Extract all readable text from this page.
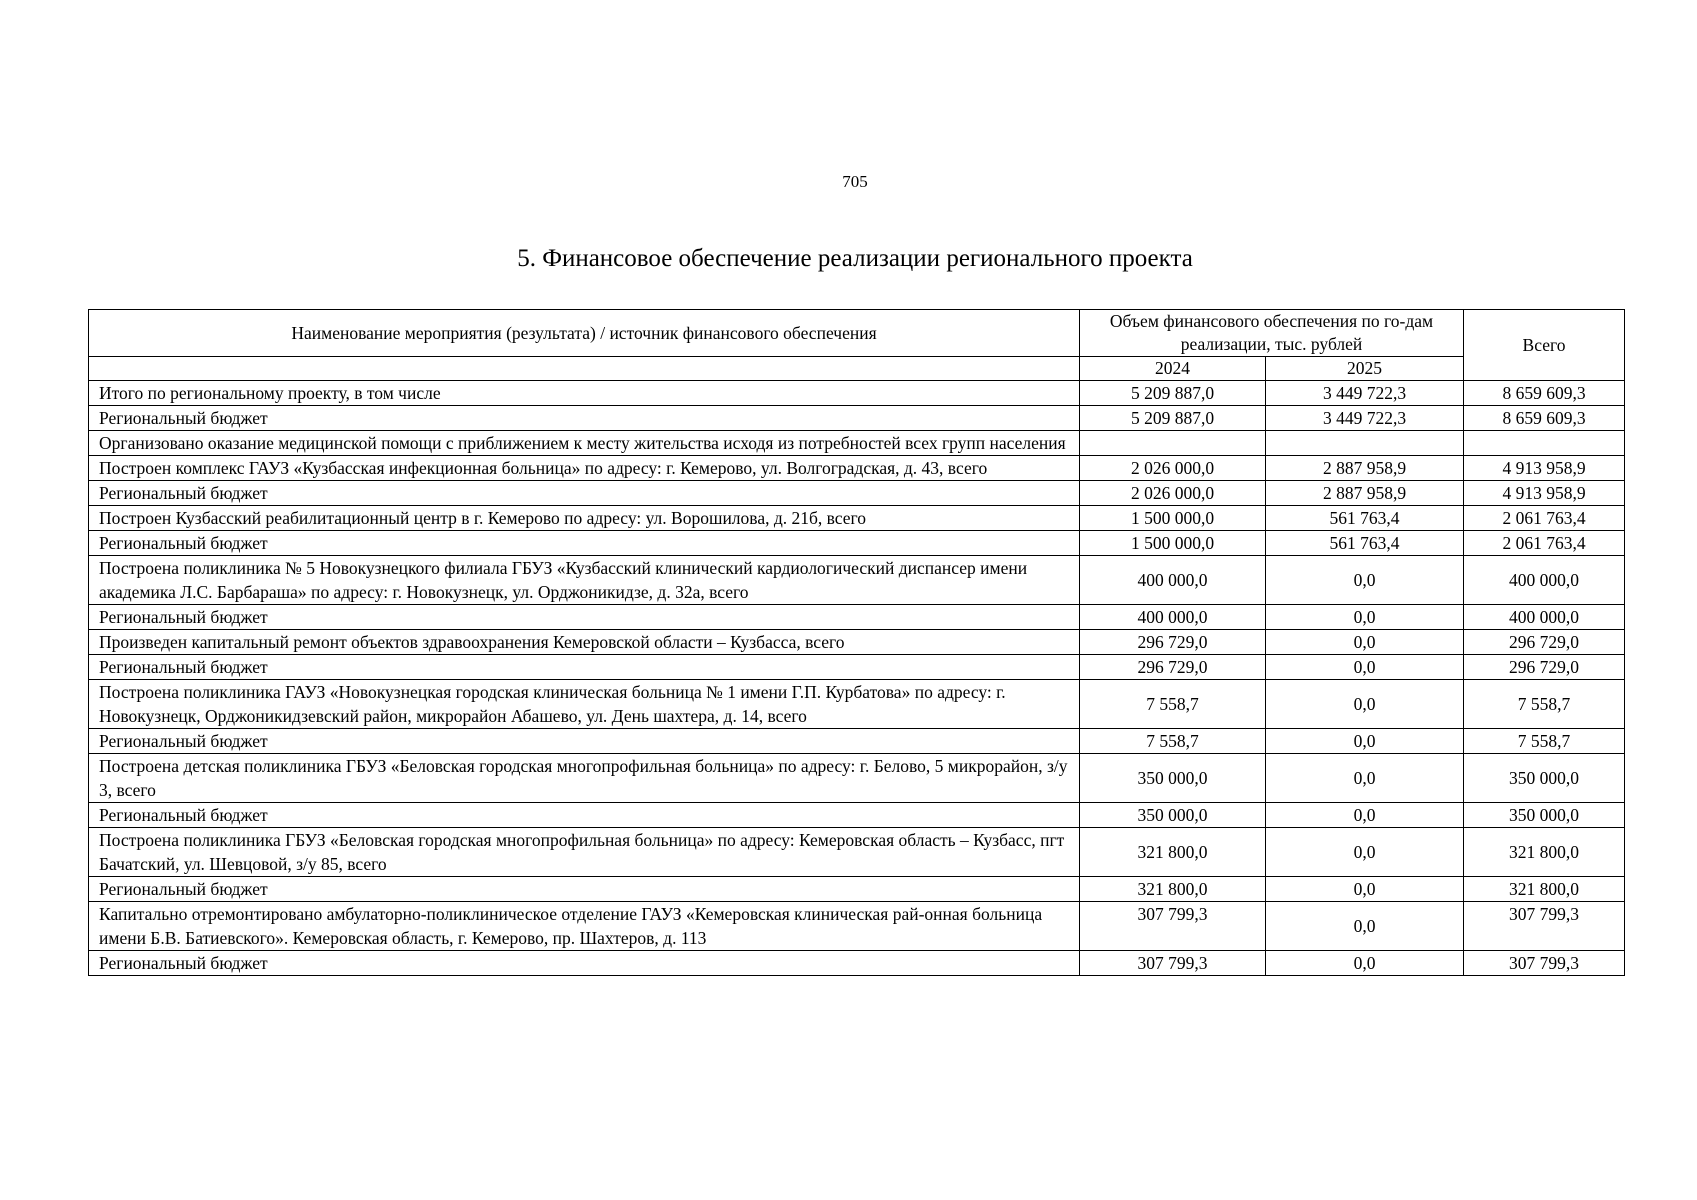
705
5. Финансовое обеспечение реализации регионального проекта
Наименование мероприятия (результата) / источник финансового обеспечения	Объем финансового обеспечения по го-дам реализации, тыс. рублей		Всего

	2024	2025	
Итого по региональному проекту, в том числе	5 209 887,0	3 449 722,3	8 659 609,3
Региональный бюджет	5 209 887,0	3 449 722,3	8 659 609,3
Организовано оказание медицинской помощи с приближением к месту жительства исходя из потребностей всех групп населения			
Построен комплекс ГАУЗ «Кузбасская инфекционная больница» по адресу: г. Кемерово, ул. Волгоградская, д. 43, всего	2 026 000,0	2 887 958,9	4 913 958,9
Региональный бюджет	2 026 000,0	2 887 958,9	4 913 958,9
Построен Кузбасский реабилитационный центр в г. Кемерово по адресу: ул. Ворошилова, д. 21б, всего	1 500 000,0	561 763,4	2 061 763,4
Региональный бюджет	1 500 000,0	561 763,4	2 061 763,4
Построена поликлиника № 5 Новокузнецкого филиала ГБУЗ «Кузбасский клинический кардиологический диспансер имени академика Л.С. Барбараша» по адресу: г. Новокузнецк, ул. Орджоникидзе, д. 32а, всего	400 000,0	0,0	400 000,0
Региональный бюджет	400 000,0	0,0	400 000,0
Произведен капитальный ремонт объектов здравоохранения Кемеровской области – Кузбасса, всего	296 729,0	0,0	296 729,0
Региональный бюджет	296 729,0	0,0	296 729,0
Построена поликлиника ГАУЗ «Новокузнецкая городская клиническая больница № 1 имени Г.П. Курбатова» по адресу: г. Новокузнецк, Орджоникидзевский район, микрорайон Абашево, ул. День шахтера, д. 14, всего	7 558,7	0,0	7 558,7
Региональный бюджет	7 558,7	0,0	7 558,7
Построена детская поликлиника ГБУЗ «Беловская городская многопрофильная больница» по адресу: г. Белово, 5 микрорайон, з/у 3, всего	350 000,0	0,0	350 000,0
Региональный бюджет	350 000,0	0,0	350 000,0
Построена поликлиника ГБУЗ «Беловская городская многопрофильная больница» по адресу: Кемеровская область – Кузбасс, пгт Бачатский, ул. Шевцовой, з/у 85, всего	321 800,0	0,0	321 800,0
Региональный бюджет	321 800,0	0,0	321 800,0
Капитально отремонтировано амбулаторно-поликлиническое отделение ГАУЗ «Кемеровская клиническая рай-онная больница имени Б.В. Батиевского». Кемеровская область, г. Кемерово, пр. Шахтеров, д. 113	307 799,3	0,0	307 799,3
Региональный бюджет	307 799,3	0,0	307 799,3
